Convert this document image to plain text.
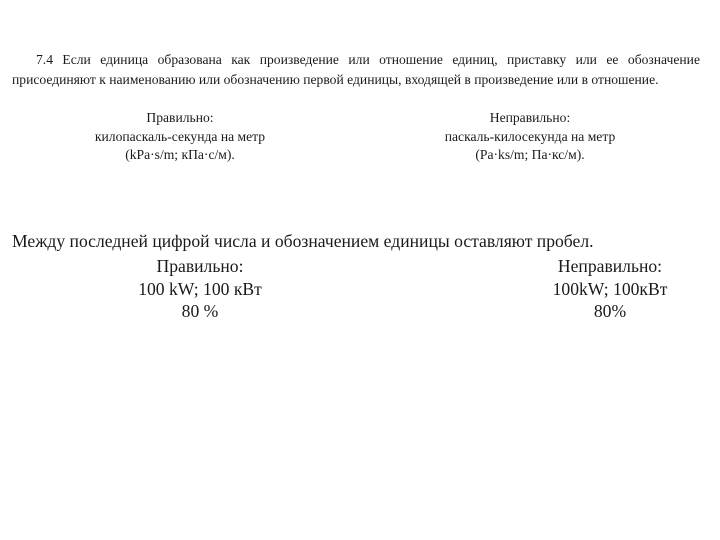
7.4 Если единица образована как произведение или отношение единиц, приставку или ее обозначение присоединяют к наименованию или обозначению первой единицы, входящей в произведение или в отношение.

Правильно:
килопаскаль-секунда на метр
(kPa·s/m; кПа·с/м).
Неправильно:
паскаль-килосекунда на метр
(Pa·ks/m; Па·кс/м).

Между последней цифрой числа и обозначением единицы оставляют пробел.

Правильно:
100 kW; 100 кВт
80 %
Неправильно:
100kW; 100кВт
80%
